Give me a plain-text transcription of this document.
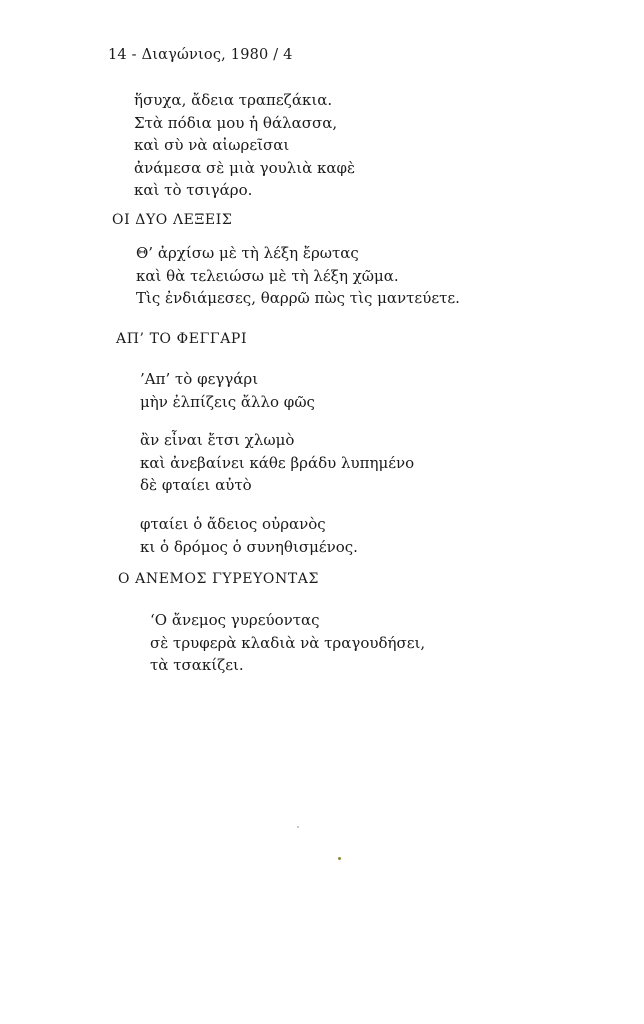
14 - Διαγώνιος, 1980 / 4
ἥσυχα, ἄδεια τραπεζάκια.
Στὰ πόδια μου ἡ θάλασσα,
καὶ σὺ νὰ αἰωρεῖσαι
ἀνάμεσα σὲ μιὰ γουλιὰ καφὲ
καὶ τὸ τσιγάρο.
ΟΙ ΔΥΟ ΛΕΞΕΙΣ
Θ’ ἀρχίσω μὲ τὴ λέξη ἔρωτας
καὶ θὰ τελειώσω μὲ τὴ λέξη χῶμα.
Τὶς ἐνδιάμεσες, θαρρῶ πὼς τὶς μαντεύετε.
ΑΠ’ ΤΟ ΦΕΓΓΑΡΙ
’Απ’ τὸ φεγγάρι
μὴν ἐλπίζεις ἄλλο φῶς
ἂν εἶναι ἔτσι χλωμὸ
καὶ ἀνεβαίνει κάθε βράδυ λυπημένο
δὲ φταίει αὐτὸ
φταίει ὁ ἄδειος οὐρανὸς
κι ὁ δρόμος ὁ συνηθισμένος.
Ο ΑΝΕΜΟΣ ΓΥΡΕΥΟΝΤΑΣ
‘Ο ἄνεμος γυρεύοντας
σὲ τρυφερὰ κλαδιὰ νὰ τραγουδήσει,
τὰ τσακίζει.
